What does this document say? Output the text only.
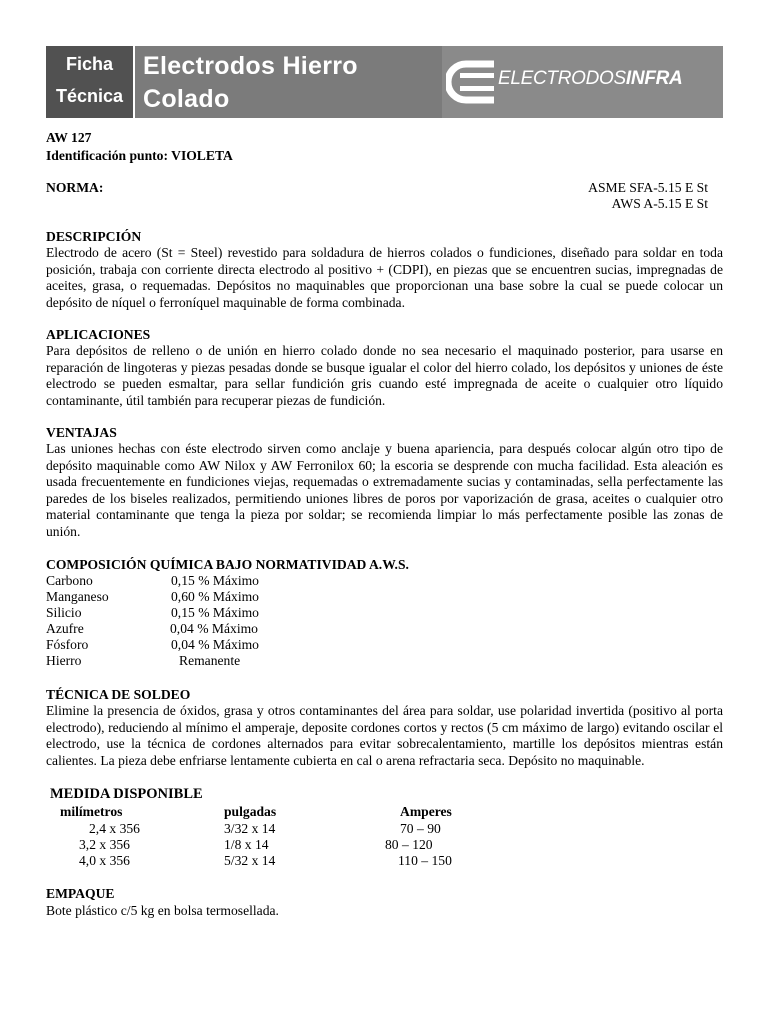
Ficha
Técnica
Electrodos Hierro
Colado
ELECTRODOSINFRA
AW 127
Identificación punto: VIOLETA
NORMA:	ASME SFA-5.15 E St
AWS A-5.15 E St
DESCRIPCIÓN
Electrodo de acero (St = Steel) revestido para soldadura de hierros colados o fundiciones, diseñado para soldar en toda posición, trabaja con corriente directa electrodo al positivo + (CDPI), en piezas que se encuentren sucias, impregnadas de aceites, grasa, o requemadas. Depósitos no maquinables que proporcionan una base sobre la cual se puede colocar un depósito de níquel o ferroníquel maquinable de forma combinada.
APLICACIONES
Para depósitos de relleno o de unión en hierro colado donde no sea necesario el maquinado posterior, para usarse en reparación de lingoteras y piezas pesadas donde se busque igualar el color del hierro colado, los depósitos y uniones de éste electrodo se pueden esmaltar, para sellar fundición gris cuando esté impregnada de aceite o cualquier otro líquido contaminante, útil también para recuperar piezas de fundición.
VENTAJAS
Las uniones hechas con éste electrodo sirven como anclaje y buena apariencia, para después colocar algún otro tipo de depósito maquinable como AW Nilox y AW Ferronilox 60; la escoria se desprende con mucha facilidad. Esta aleación es usada frecuentemente en fundiciones viejas, requemadas o extremadamente sucias y contaminadas, sella perfectamente las paredes de los biseles realizados, permitiendo uniones libres de poros por vaporización de grasa, aceites o cualquier otro material contaminante que tenga la pieza por soldar; se recomienda limpiar lo más perfectamente posible las zonas de unión.
COMPOSICIÓN QUÍMICA BAJO NORMATIVIDAD A.W.S.
Carbono	0,15 % Máximo
Manganeso	0,60 % Máximo
Silicio	0,15 % Máximo
Azufre	0,04 % Máximo
Fósforo	0,04 % Máximo
Hierro	Remanente
TÉCNICA DE SOLDEO
Elimine la presencia de óxidos, grasa y otros contaminantes del área para soldar, use polaridad invertida (positivo al porta electrodo), reduciendo al mínimo el amperaje, deposite cordones cortos y rectos (5 cm máximo de largo) evitando oscilar el electrodo, use la técnica de cordones alternados para evitar sobrecalentamiento, martille los depósitos mientras están calientes. La pieza debe enfriarse lentamente cubierta en cal o arena refractaria seca. Depósito no maquinable.
MEDIDA DISPONIBLE
milímetros	pulgadas	Amperes
2,4 x 356	3/32 x 14	70 – 90
3,2 x 356	1/8 x 14	80 – 120
4,0 x 356	5/32 x 14	110 – 150
EMPAQUE
Bote plástico c/5 kg en bolsa termosellada.
